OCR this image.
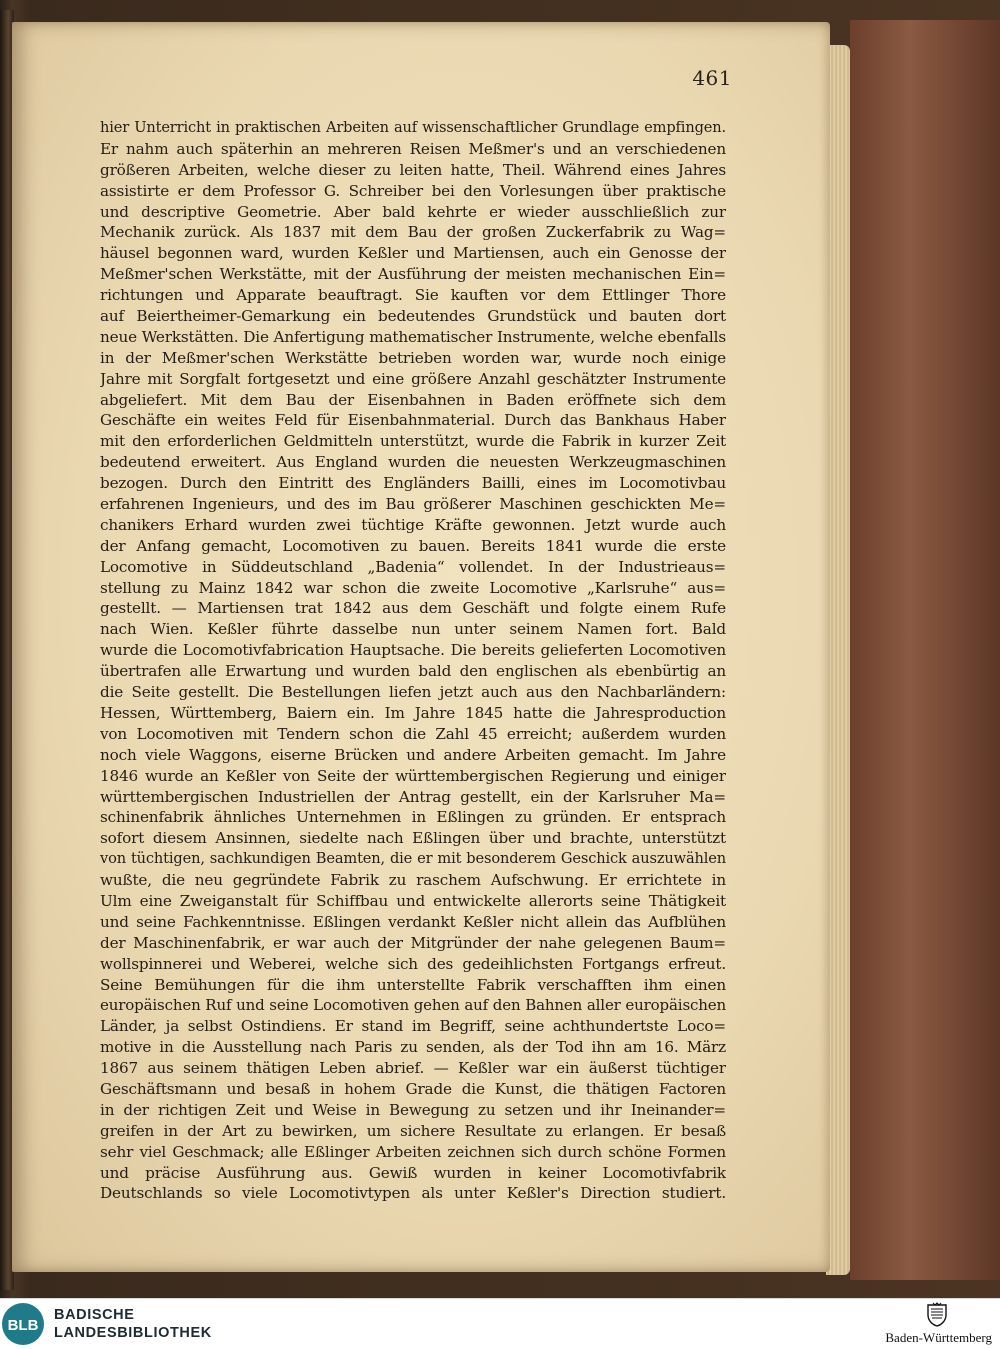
461
hier Unterricht in praktischen Arbeiten auf wissenschaftlicher Grundlage empfingen.
Er nahm auch späterhin an mehreren Reisen Meßmer's und an verschiedenen
größeren Arbeiten, welche dieser zu leiten hatte, Theil. Während eines Jahres
assistirte er dem Professor G. Schreiber bei den Vorlesungen über praktische
und descriptive Geometrie. Aber bald kehrte er wieder ausschließlich zur
Mechanik zurück. Als 1837 mit dem Bau der großen Zuckerfabrik zu Wag=
häusel begonnen ward, wurden Keßler und Martiensen, auch ein Genosse der
Meßmer'schen Werkstätte, mit der Ausführung der meisten mechanischen Ein=
richtungen und Apparate beauftragt. Sie kauften vor dem Ettlinger Thore
auf Beiertheimer-Gemarkung ein bedeutendes Grundstück und bauten dort
neue Werkstätten. Die Anfertigung mathematischer Instrumente, welche ebenfalls
in der Meßmer'schen Werkstätte betrieben worden war, wurde noch einige
Jahre mit Sorgfalt fortgesetzt und eine größere Anzahl geschätzter Instrumente
abgeliefert. Mit dem Bau der Eisenbahnen in Baden eröffnete sich dem
Geschäfte ein weites Feld für Eisenbahnmaterial. Durch das Bankhaus Haber
mit den erforderlichen Geldmitteln unterstützt, wurde die Fabrik in kurzer Zeit
bedeutend erweitert. Aus England wurden die neuesten Werkzeugmaschinen
bezogen. Durch den Eintritt des Engländers Bailli, eines im Locomotivbau
erfahrenen Ingenieurs, und des im Bau größerer Maschinen geschickten Me=
chanikers Erhard wurden zwei tüchtige Kräfte gewonnen. Jetzt wurde auch
der Anfang gemacht, Locomotiven zu bauen. Bereits 1841 wurde die erste
Locomotive in Süddeutschland „Badenia“ vollendet. In der Industrieaus=
stellung zu Mainz 1842 war schon die zweite Locomotive „Karlsruhe“ aus=
gestellt. — Martiensen trat 1842 aus dem Geschäft und folgte einem Rufe
nach Wien. Keßler führte dasselbe nun unter seinem Namen fort. Bald
wurde die Locomotivfabrication Hauptsache. Die bereits gelieferten Locomotiven
übertrafen alle Erwartung und wurden bald den englischen als ebenbürtig an
die Seite gestellt. Die Bestellungen liefen jetzt auch aus den Nachbarländern:
Hessen, Württemberg, Baiern ein. Im Jahre 1845 hatte die Jahresproduction
von Locomotiven mit Tendern schon die Zahl 45 erreicht; außerdem wurden
noch viele Waggons, eiserne Brücken und andere Arbeiten gemacht. Im Jahre
1846 wurde an Keßler von Seite der württembergischen Regierung und einiger
württembergischen Industriellen der Antrag gestellt, ein der Karlsruher Ma=
schinenfabrik ähnliches Unternehmen in Eßlingen zu gründen. Er entsprach
sofort diesem Ansinnen, siedelte nach Eßlingen über und brachte, unterstützt
von tüchtigen, sachkundigen Beamten, die er mit besonderem Geschick auszuwählen
wußte, die neu gegründete Fabrik zu raschem Aufschwung. Er errichtete in
Ulm eine Zweiganstalt für Schiffbau und entwickelte allerorts seine Thätigkeit
und seine Fachkenntnisse. Eßlingen verdankt Keßler nicht allein das Aufblühen
der Maschinenfabrik, er war auch der Mitgründer der nahe gelegenen Baum=
wollspinnerei und Weberei, welche sich des gedeihlichsten Fortgangs erfreut.
Seine Bemühungen für die ihm unterstellte Fabrik verschafften ihm einen
europäischen Ruf und seine Locomotiven gehen auf den Bahnen aller europäischen
Länder, ja selbst Ostindiens. Er stand im Begriff, seine achthundertste Loco=
motive in die Ausstellung nach Paris zu senden, als der Tod ihn am 16. März
1867 aus seinem thätigen Leben abrief. — Keßler war ein äußerst tüchtiger
Geschäftsmann und besaß in hohem Grade die Kunst, die thätigen Factoren
in der richtigen Zeit und Weise in Bewegung zu setzen und ihr Ineinander=
greifen in der Art zu bewirken, um sichere Resultate zu erlangen. Er besaß
sehr viel Geschmack; alle Eßlinger Arbeiten zeichnen sich durch schöne Formen
und präcise Ausführung aus. Gewiß wurden in keiner Locomotivfabrik
Deutschlands so viele Locomotivtypen als unter Keßler's Direction studiert.
BLB
BADISCHE
LANDESBIBLIOTHEK	Baden-Württemberg
